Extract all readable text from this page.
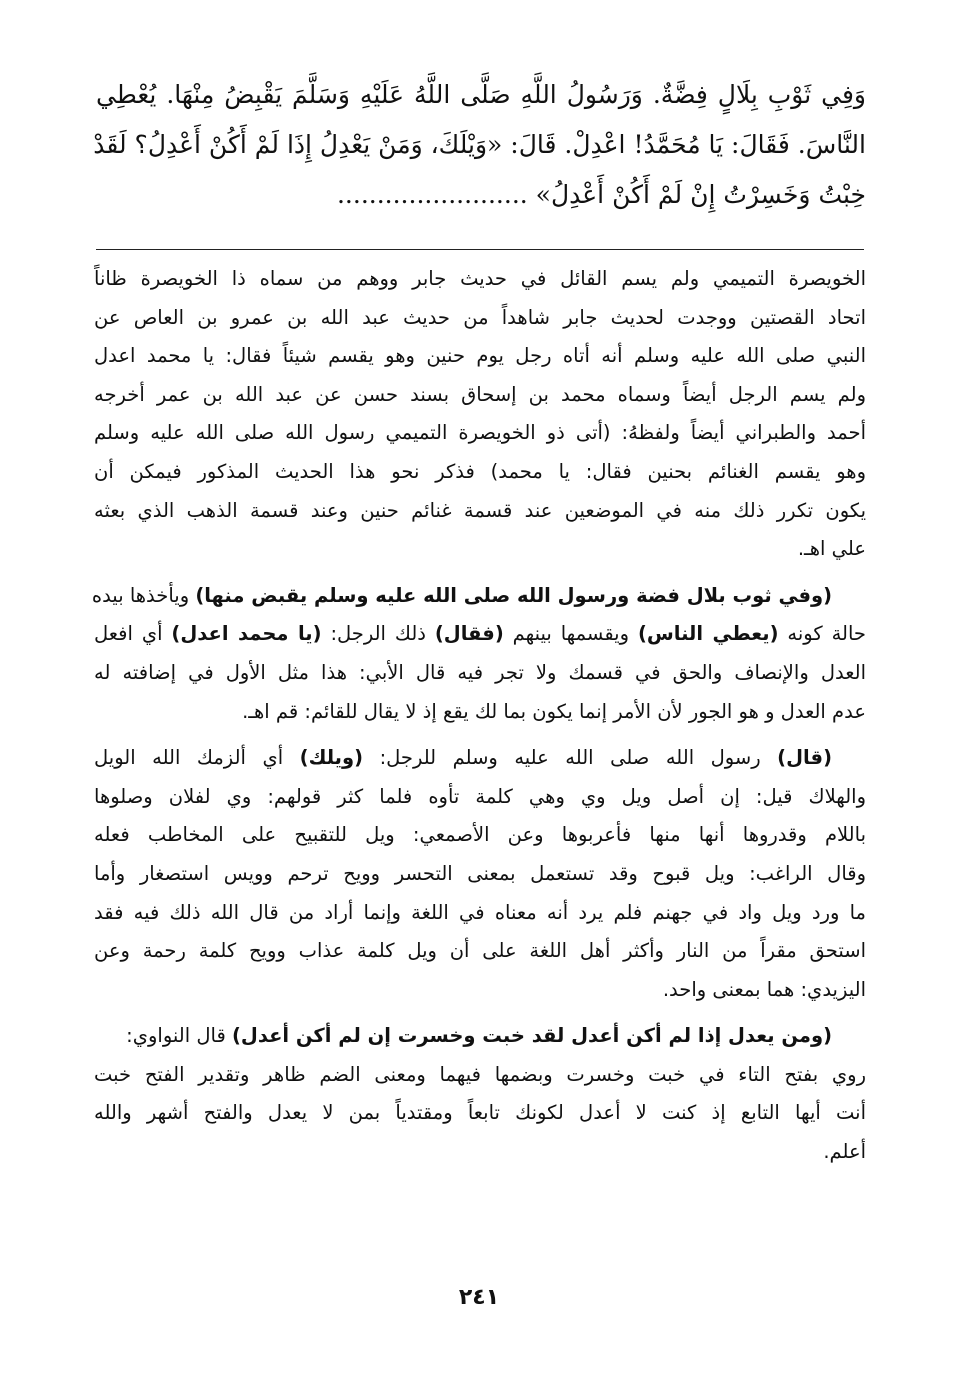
وَفِي ثَوْبِ بِلَالٍ فِضَّةٌ. وَرَسُولُ اللَّهِ صَلَّى اللَّهُ عَلَيْهِ وَسَلَّمَ يَقْبِضُ مِنْهَا. يُعْطِي

النَّاسَ. فَقَالَ: يَا مُحَمَّدُ! اعْدِلْ. قَالَ: «وَيْلَكَ، وَمَنْ يَعْدِلُ إِذَا لَمْ أَكُنْ أَعْدِلُ؟ لَقَدْ

خِبْتُ وَخَسِرْتُ إِنْ لَمْ أَكُنْ أَعْدِلُ» ........................

الخويصرة التميمي ولم يسم القائل في حديث جابر ووهم من سماه ذا الخويصرة ظاناً
اتحاد القصتين ووجدت لحديث جابر شاهداً من حديث عبد الله بن عمرو بن العاص عن
النبي صلى الله عليه وسلم أنه أتاه رجل يوم حنين وهو يقسم شيئاً فقال: يا محمد اعدل
ولم يسم الرجل أيضاً وسماه محمد بن إسحاق بسند حسن عن عبد الله بن عمر أخرجه
أحمد والطبراني أيضاً ولفظهُ: (أتى ذو الخويصرة التميمي رسول الله صلى الله عليه وسلم
وهو يقسم الغنائم بحنين فقال: يا محمد) فذكر نحو هذا الحديث المذكور فيمكن أن
يكون تكرر ذلك منه في الموضعين عند قسمة غنائم حنين وعند قسمة الذهب الذي بعثه
علي اهـ.
(وفي ثوب بلال فضة ورسول الله صلى الله عليه وسلم يقبض منها) ويأخذها بيده
حالة كونه (يعطي الناس) ويقسمها بينهم (فقال) ذلك الرجل: (يا محمد اعدل) أي افعل
العدل والإنصاف والحق في قسمك ولا تجر فيه قال الأبي: هذا مثل الأول في إضافته له
عدم العدل و هو الجور لأن الأمر إنما يكون بما لك يقع إذ لا يقال للقائم: قم اهـ.
(قال) رسول الله صلى الله عليه وسلم للرجل: (ويلك) أي ألزمك الله الويل
والهلاك قيل: إن أصل ويل وي وهي كلمة تأوه فلما كثر قولهم: وي لفلان وصلوها
باللام وقدروها أنها منها فأعربوها وعن الأصمعي: ويل للتقبيح على المخاطب فعله
وقال الراغب: ويل قبوح وقد تستعمل بمعنى التحسر وويح ترحم وويس استصغار وأما
ما ورد ويل واد في جهنم فلم يرد أنه معناه في اللغة وإنما أراد من قال الله ذلك فيه فقد
استحق مقراً من النار وأكثر أهل اللغة على أن ويل كلمة عذاب وويح كلمة رحمة وعن
اليزيدي: هما بمعنى واحد.
(ومن يعدل إذا لم أكن أعدل لقد خبت وخسرت إن لم أكن أعدل) قال النواوي:
روي بفتح التاء في خبت وخسرت وبضمها فيهما ومعنى الضم ظاهر وتقدير الفتح خبت
أنت أيها التابع إذ كنت لا أعدل لكونك تابعاً ومقتدياً بمن لا يعدل والفتح أشهر والله
أعلم.
٢٤١
